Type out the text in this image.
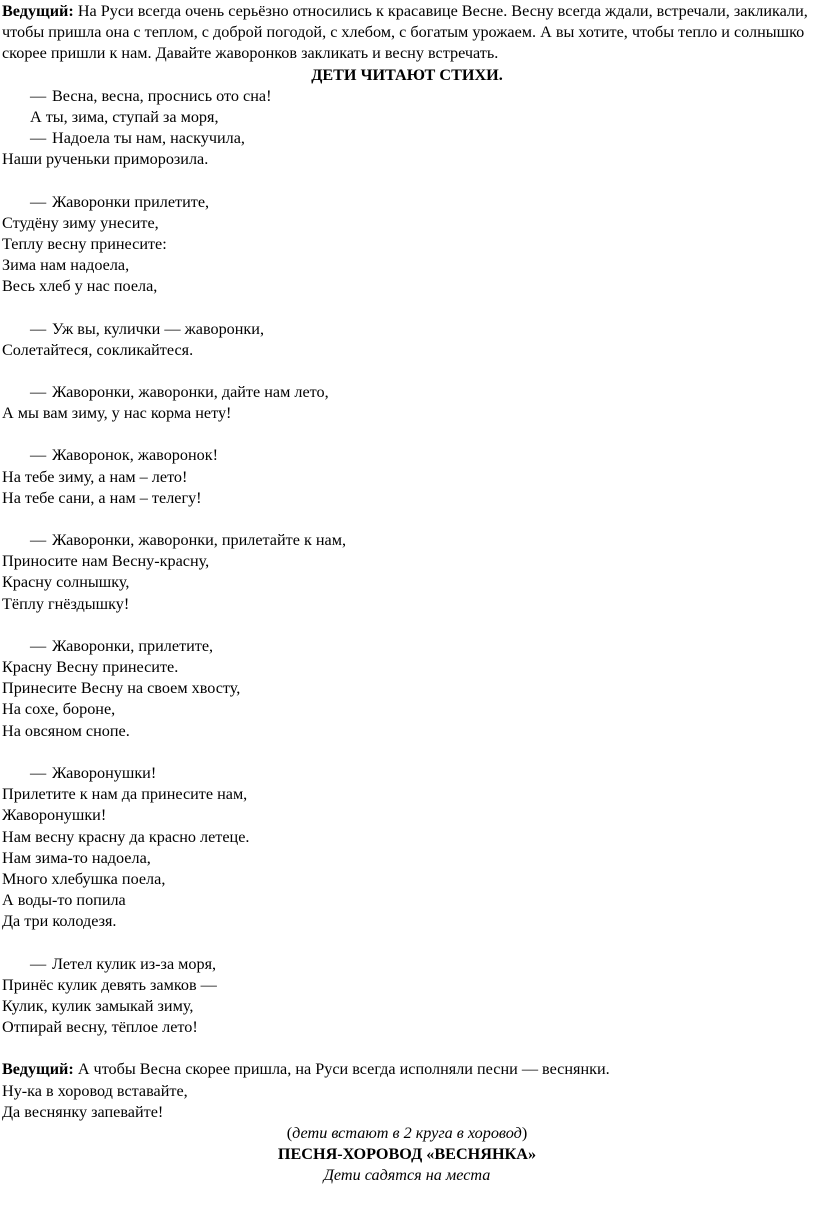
Ведущий: На Руси всегда очень серьёзно относились к красавице Весне. Весну всегда ждали, встречали, закликали, чтобы пришла она с теплом, с доброй погодой, с хлебом, с богатым урожаем. А вы хотите, чтобы тепло и солнышко скорее пришли к нам. Давайте жаворонков закликать и весну встречать.

ДЕТИ ЧИТАЮТ СТИХИ.

— Весна, весна, проснись ото сна!
А ты, зима, ступай за моря,
— Надоела ты нам, наскучила,
Наши рученьки приморозила.
— Жаворонки прилетите,
Студёну зиму унесите,
Теплу весну принесите:
Зима нам надоела,
Весь хлеб у нас поела,
— Уж вы, кулички — жаворонки,
Солетайтеся, сокликайтеся.
— Жаворонки, жаворонки, дайте нам лето,
А мы вам зиму, у нас корма нету!
— Жаворонок, жаворонок!
На тебе зиму, а нам – лето!
На тебе сани, а нам – телегу!
— Жаворонки, жаворонки, прилетайте к нам,
Приносите нам Весну-красну,
Красну солнышку,
Тёплу гнёздышку!
— Жаворонки, прилетите,
Красну Весну принесите.
Принесите Весну на своем хвосту,
На сохе, бороне,
На овсяном снопе.
— Жаворонушки!
Прилетите к нам да принесите нам,
Жаворонушки!
Нам весну красну да красно летеце.
Нам зима-то надоела,
Много хлебушка поела,
А воды-то попила
Да три колодезя.
— Летел кулик из-за моря,
Принёс кулик девять замков —
Кулик, кулик замыкай зиму,
Отпирай весну, тёплое лето!

Ведущий: А чтобы Весна скорее пришла, на Руси всегда исполняли песни — веснянки.

Ну-ка в хоровод вставайте,

Да веснянку запевайте!

(дети встают в 2 круга в хоровод)

ПЕСНЯ-ХОРОВОД «ВЕСНЯНКА»

Дети садятся на места
